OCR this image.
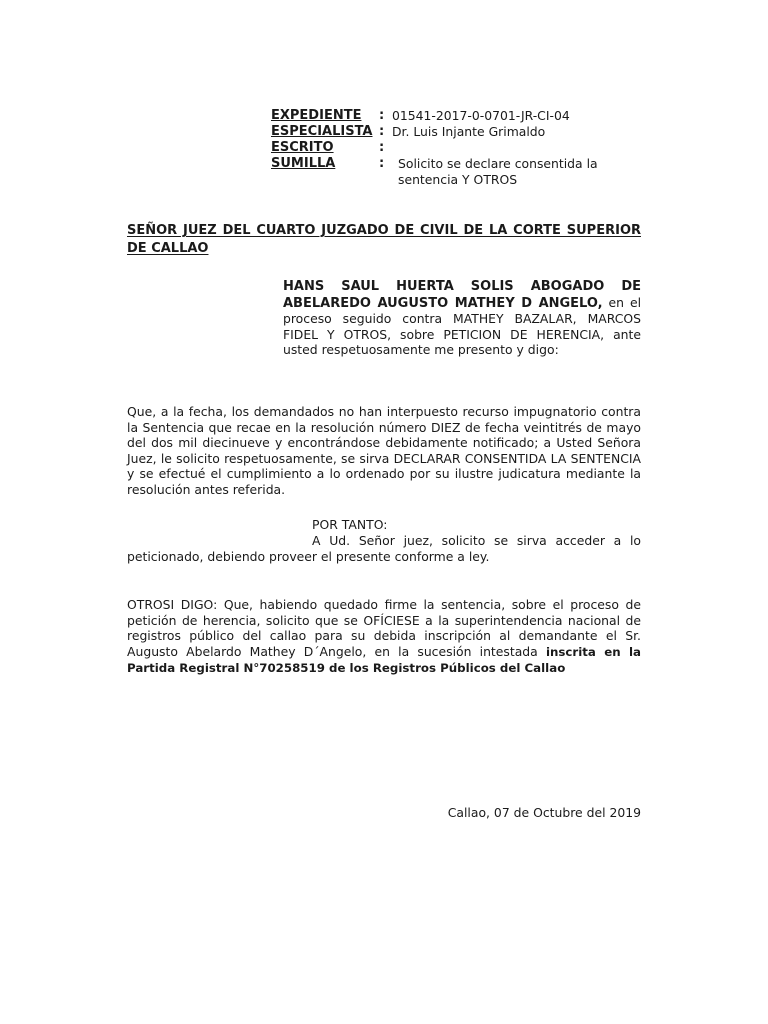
EXPEDIENTE	: 01541-2017-0-0701-JR-CI-04
ESPECIALISTA : Dr. Luis Injante Grimaldo
ESCRITO	:
SUMILLA	:	Solicito se declare consentida la
sentencia Y OTROS
SEÑOR JUEZ DEL CUARTO JUZGADO DE CIVIL DE LA CORTE SUPERIOR DE CALLAO
HANS SAUL HUERTA SOLIS ABOGADO DE ABELAREDO AUGUSTO MATHEY D ANGELO, en el proceso seguido contra MATHEY BAZALAR, MARCOS FIDEL Y OTROS, sobre PETICION DE HERENCIA, ante usted respetuosamente me presento y digo:
Que, a la fecha, los demandados no han interpuesto recurso impugnatorio contra la Sentencia que recae en la resolución número DIEZ de fecha veintitrés de mayo del dos mil diecinueve y encontrándose debidamente notificado; a Usted Señora Juez, le solicito respetuosamente, se sirva DECLARAR CONSENTIDA LA SENTENCIA y se efectué el cumplimiento a lo ordenado por su ilustre judicatura mediante la resolución antes referida.
POR TANTO:
A Ud. Señor juez, solicito se sirva acceder a lo peticionado, debiendo proveer el presente conforme a ley.
OTROSI DIGO: Que, habiendo quedado firme la sentencia, sobre el proceso de petición de herencia, solicito que se OFÍCIESE a la superintendencia nacional de registros público del callao para su debida inscripción al demandante el Sr. Augusto Abelardo Mathey D´Angelo, en la sucesión intestada inscrita en la Partida Registral N°70258519 de los Registros Públicos del Callao
Callao, 07 de Octubre del 2019
